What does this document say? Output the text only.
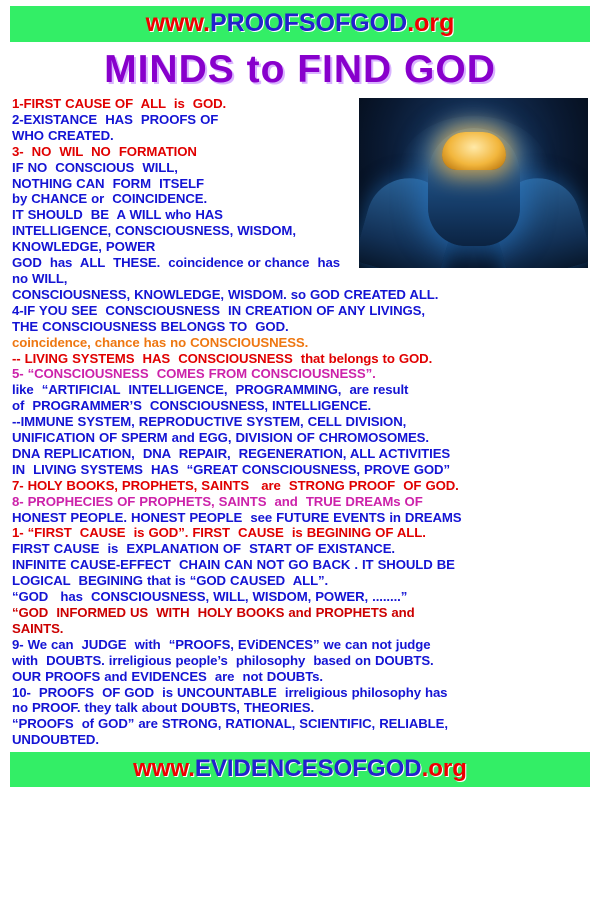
www.PROOFSOFGOD.org
MINDS to FIND GOD

1-FIRST CAUSE OF  ALL  is  GOD.

2-EXISTANCE  HAS  PROOFS OF

WHO CREATED.

3-  NO  WIL  NO  FORMATION

IF NO  CONSCIOUS  WILL,

NOTHING CAN  FORM  ITSELF

by CHANCE or  COINCIDENCE.

IT SHOULD  BE  A WILL who HAS

INTELLIGENCE, CONSCIOUSNESS, WISDOM, KNOWLEDGE, POWER

GOD  has  ALL  THESE.  coincidence or chance  has  no WILL,

CONSCIOUSNESS, KNOWLEDGE, WISDOM. so GOD CREATED ALL.

4-IF YOU SEE  CONSCIOUSNESS  IN CREATION OF ANY LIVINGS,

THE CONSCIOUSNESS BELONGS TO  GOD.

coincidence, chance has no CONSCIOUSNESS.

-- LIVING SYSTEMS  HAS  CONSCIOUSNESS  that belongs to GOD.

5- “CONSCIOUSNESS  COMES FROM CONSCIOUSNESS”.

like  “ARTIFICIAL  INTELLIGENCE,  PROGRAMMING,  are result

of  PROGRAMMER’S  CONSCIOUSNESS, INTELLIGENCE.

--IMMUNE SYSTEM, REPRODUCTIVE SYSTEM, CELL DIVISION,

UNIFICATION OF SPERM and EGG, DIVISION OF CHROMOSOMES.

DNA REPLICATION,  DNA  REPAIR,  REGENERATION, ALL ACTIVITIES

IN  LIVING SYSTEMS  HAS  “GREAT CONSCIOUSNESS, PROVE GOD”

7- HOLY BOOKS, PROPHETS, SAINTS   are  STRONG PROOF  OF GOD.

8- PROPHECIES OF PROPHETS, SAINTS  and  TRUE DREAMs OF

HONEST PEOPLE. HONEST PEOPLE  see FUTURE EVENTS in DREAMS

1- “FIRST  CAUSE  is GOD”. FIRST  CAUSE  is BEGINING OF ALL.

FIRST CAUSE  is  EXPLANATION OF  START OF EXISTANCE.

INFINITE CAUSE-EFFECT  CHAIN CAN NOT GO BACK . IT SHOULD BE

LOGICAL  BEGINING that is “GOD CAUSED  ALL”.

“GOD   has  CONSCIOUSNESS, WILL, WISDOM, POWER, ........”

“GOD  INFORMED US  WITH  HOLY BOOKS and PROPHETS and

SAINTS.

9- We can  JUDGE  with  “PROOFS, EViDENCES” we can not judge

with  DOUBTS. irreligious people’s  philosophy  based on DOUBTS.

OUR PROOFS and EVIDENCES  are  not DOUBTs.

10-  PROOFS  OF GOD  is UNCOUNTABLE  irreligious philosophy has

no PROOF. they talk about DOUBTS, THEORIES.

“PROOFS  of GOD” are STRONG, RATIONAL, SCIENTIFIC, RELIABLE,

UNDOUBTED.

www.EVIDENCESOFGOD.org
